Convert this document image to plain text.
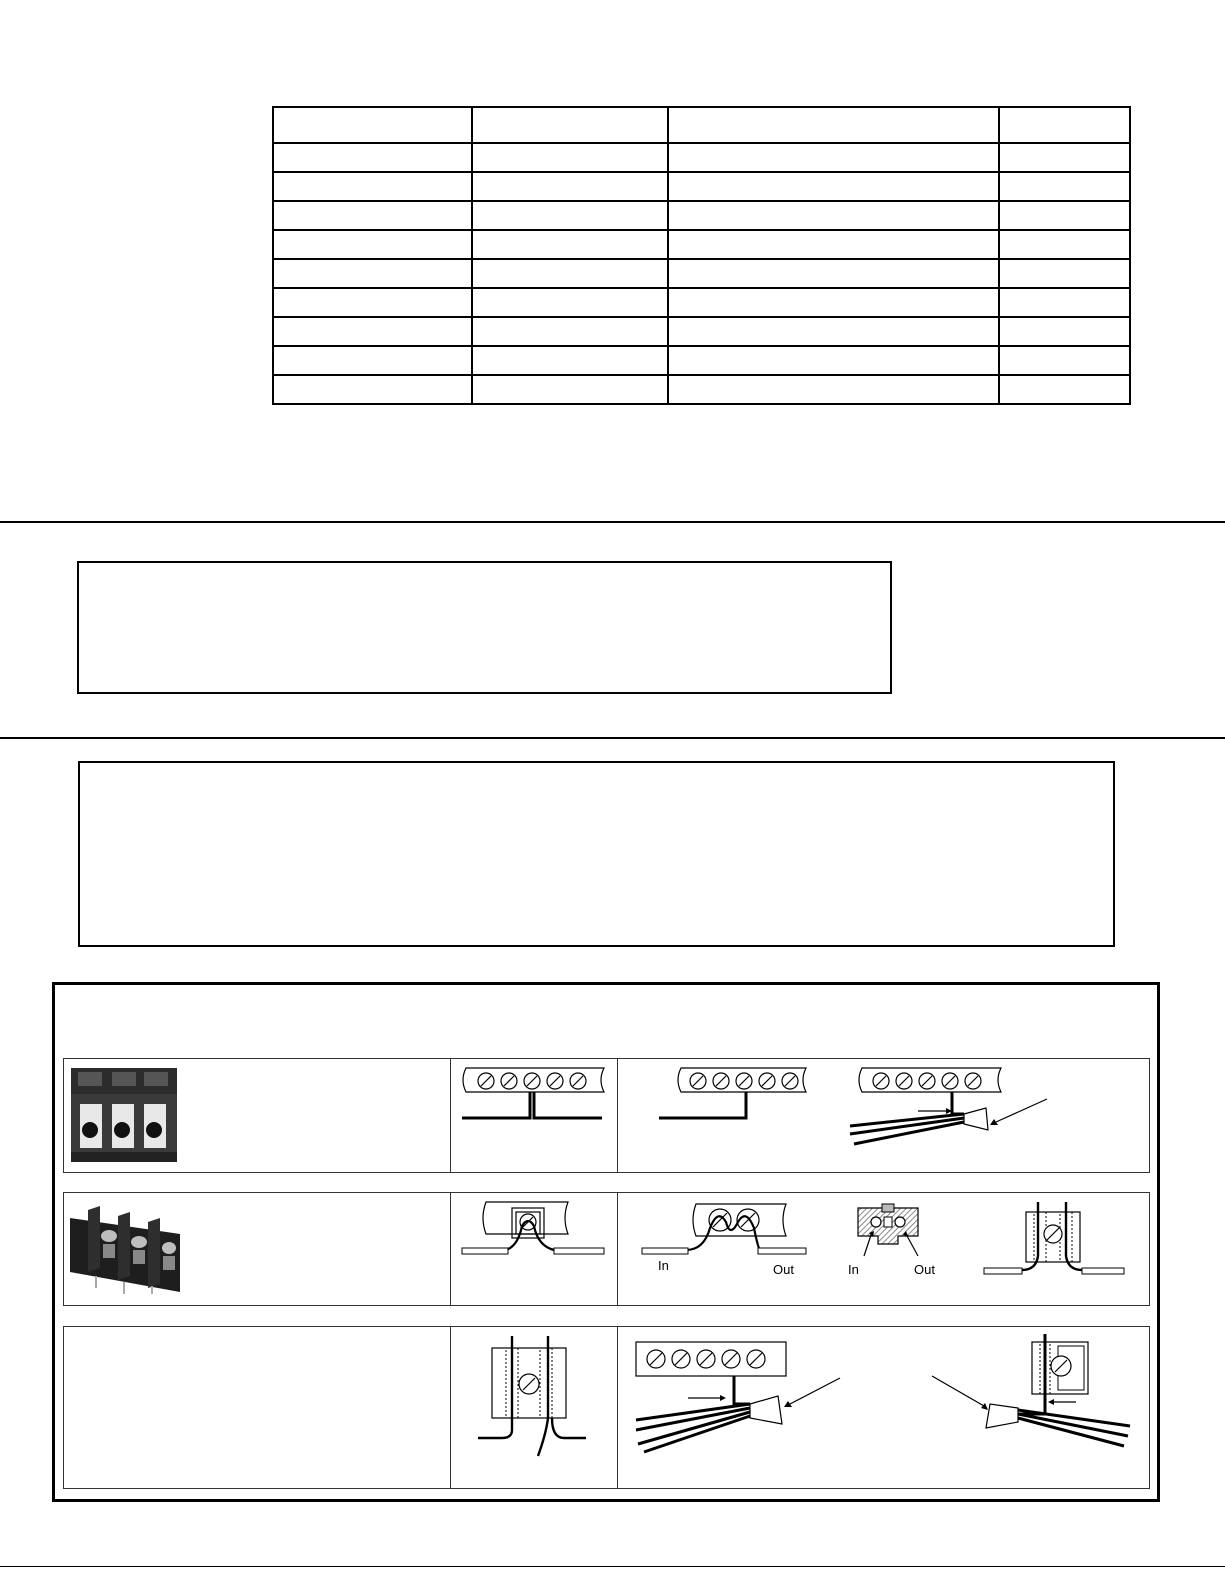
In	Out	In	Out
